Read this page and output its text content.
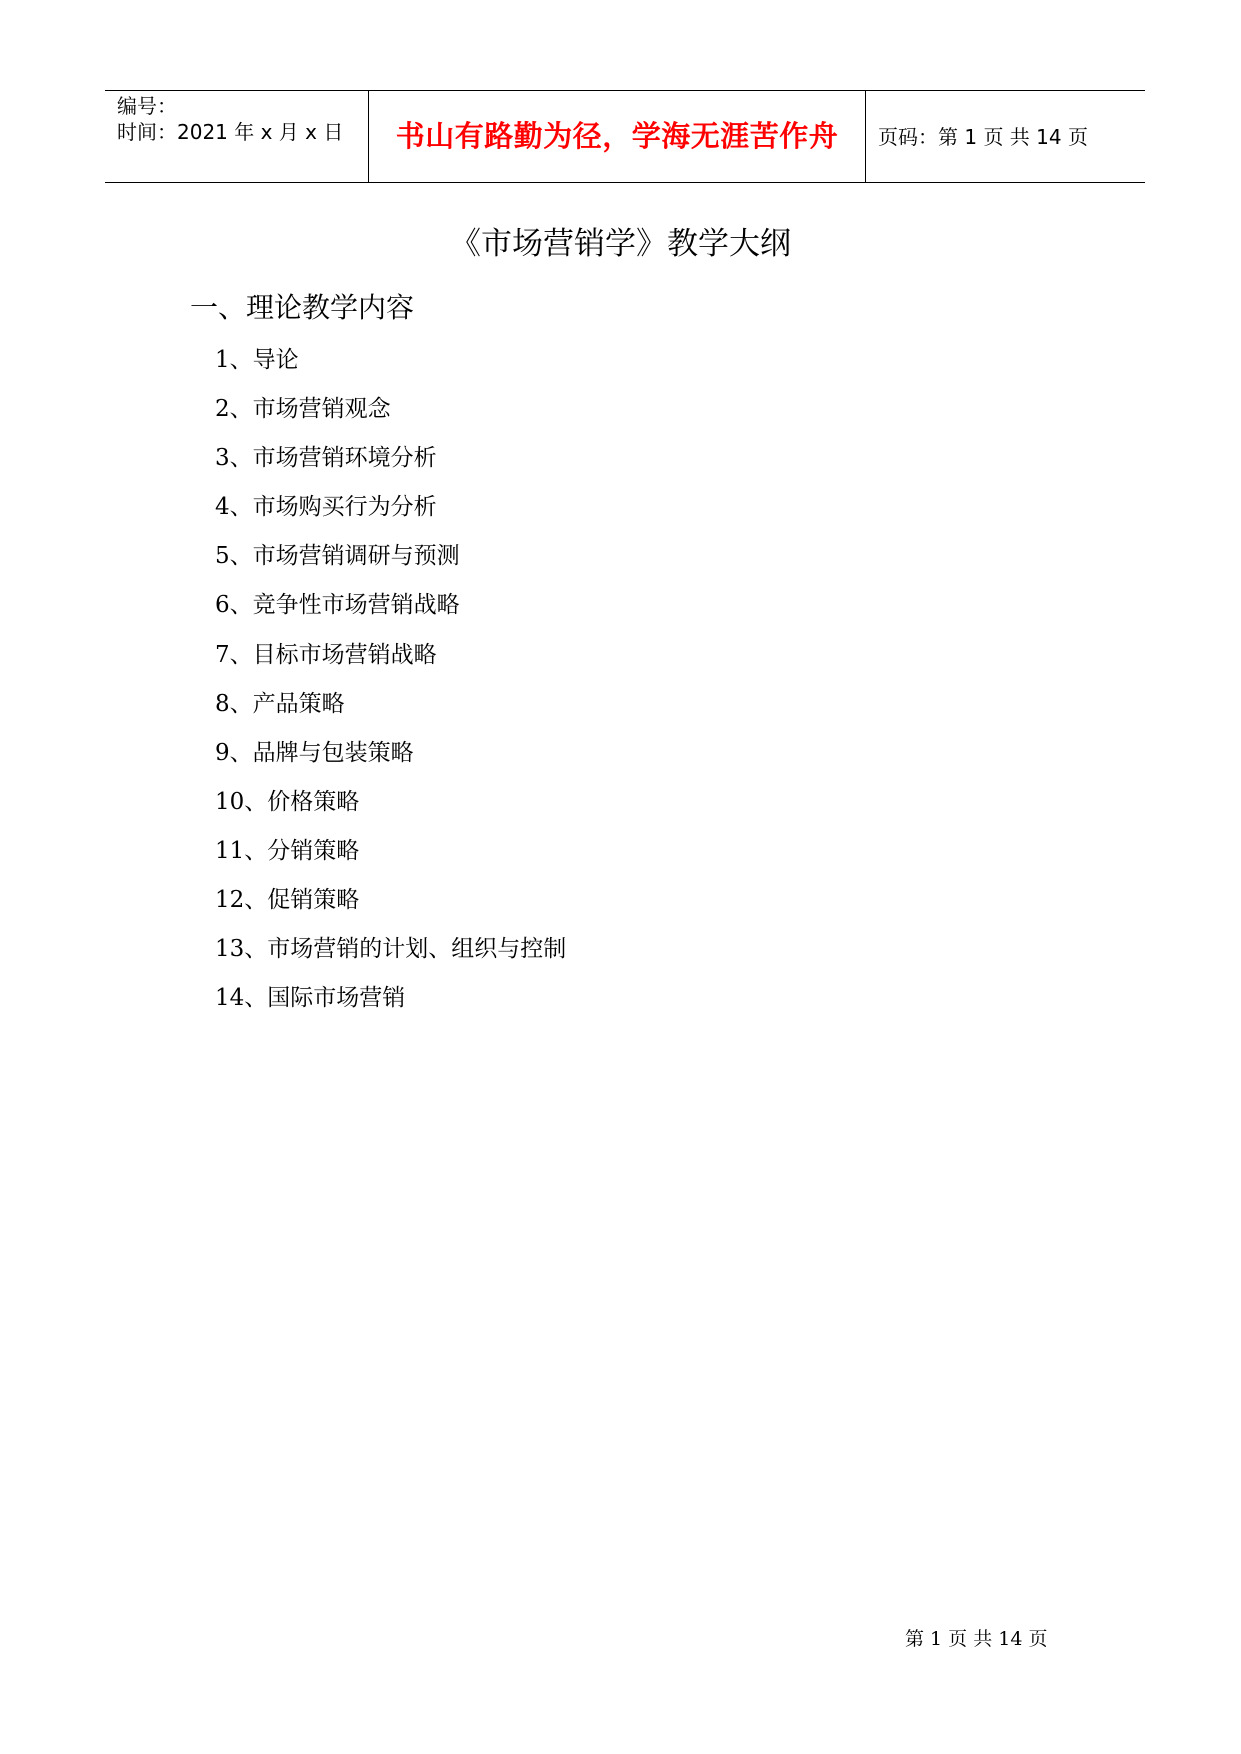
编号：
时间：2021 年 x 月 x 日	书山有路勤为径，学海无涯苦作舟	页码：第 1 页 共 14 页
《市场营销学》教学大纲
一、理论教学内容
1、导论
2、市场营销观念
3、市场营销环境分析
4、市场购买行为分析
5、市场营销调研与预测
6、竞争性市场营销战略
7、目标市场营销战略
8、产品策略
9、品牌与包装策略
10、价格策略
11、分销策略
12、促销策略
13、市场营销的计划、组织与控制
14、国际市场营销
第 1 页 共 14 页
